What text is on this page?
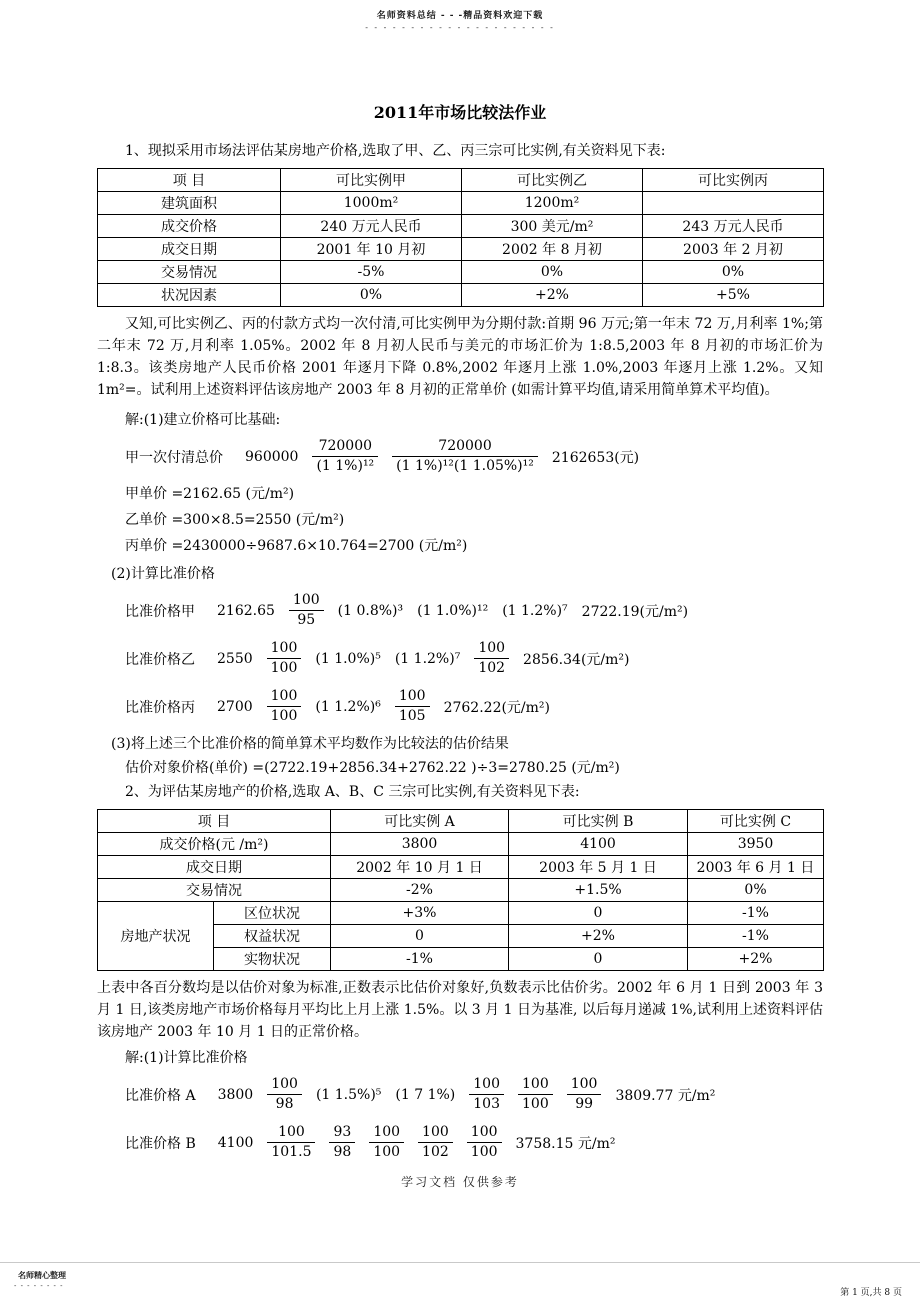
名师资料总结 - - -精品资料欢迎下载
- - - - - - - - - - - - - - - - - - - - -
2011年市场比较法作业

1、现拟采用市场法评估某房地产价格,选取了甲、乙、丙三宗可比实例,有关资料见下表:

项 目	可比实例甲	可比实例乙	可比实例丙
建筑面积	1000m²	1200m²	
成交价格	240 万元人民币	300 美元/m²	243 万元人民币
成交日期	2001 年 10 月初	2002 年 8 月初	2003 年 2 月初
交易情况	-5%	0%	0%
状况因素	0%	+2%	+5%

又知,可比实例乙、丙的付款方式均一次付清,可比实例甲为分期付款:首期 96 万元;第一年末 72 万,月利率 1%;第二年末 72 万,月利率 1.05%。2002 年 8 月初人民币与美元的市场汇价为 1:8.5,2003 年 8 月初的市场汇价为 1:8.3。该类房地产人民币价格 2001 年逐月下降 0.8%,2002 年逐月上涨 1.0%,2003 年逐月上涨 1.2%。又知 1m²=。试利用上述资料评估该房地产 2003 年 8 月初的正常单价 (如需计算平均值,请采用简单算术平均值)。

解:(1)建立价格可比基础:

甲一次付清总价 $960000 \frac{720000}{\text{(1 1\%)¹²}} \frac{720000}{\text{(1 1\%)¹²(1 1.05\%)¹²}} 2162653$(元)
甲单价 =2162.65 (元/m²)
乙单价 =300×8.5=2550 (元/m²)
丙单价 =2430000÷9687.6×10.764=2700 (元/m²)

(2)计算比准价格

比准价格甲 $2162.65 \frac{100}{95} (1$ 0.8%)³ (1 1.0%)¹² (1 1.2%)⁷ 2722.19(元/m²)
比准价格乙 $2550 \frac{100}{100} (1$ 1.0%)⁵ (1 $1.2\%)^7 \frac{100}{102} 2856.34$(元/m²)
比准价格丙 $2700 \frac{100}{100} (1$ $1.2\%)^6 \frac{100}{105} 2762.22$(元/m²)

(3)将上述三个比准价格的简单算术平均数作为比较法的估价结果

估价对象价格(单价) =(2722.19+2856.34+2762.22 )÷3=2780.25 (元/m²)

2、为评估某房地产的价格,选取 A、B、C 三宗可比实例,有关资料见下表:

项 目		可比实例 A	可比实例 B	可比实例 C
成交价格(元 /m²)		3800	4100	3950
成交日期		2002 年 10 月 1 日	2003 年 5 月 1 日	2003 年 6 月 1 日
交易情况		-2%	+1.5%	0%
房地产状况	区位状况	+3%	0	-1%
	权益状况	0	+2%	-1%
	实物状况	-1%	0	+2%

上表中各百分数均是以估价对象为标准,正数表示比估价对象好,负数表示比估价劣。2002 年 6 月 1 日到 2003 年 3 月 1 日,该类房地产市场价格每月平均比上月上涨 1.5%。以 3 月 1 日为基准, 以后每月递减 1%,试利用上述资料评估该房地产 2003 年 10 月 1 日的正常价格。

解:(1)计算比准价格

比准价格 A $3800 \frac{100}{98} (1$ 1.5%)⁵ (1 7 $1\%) \frac{100}{103} \frac{100}{100} \frac{100}{99} 3809.77$ 元/m²
比准价格 B $4100 \frac{100}{101.5} \frac{93}{98} \frac{100}{100} \frac{100}{102} \frac{100}{100} 3758.15$ 元/m²
学习文档 仅供参考
名师精心整理
- - - - - - - -
第 1 页,共 8 页
